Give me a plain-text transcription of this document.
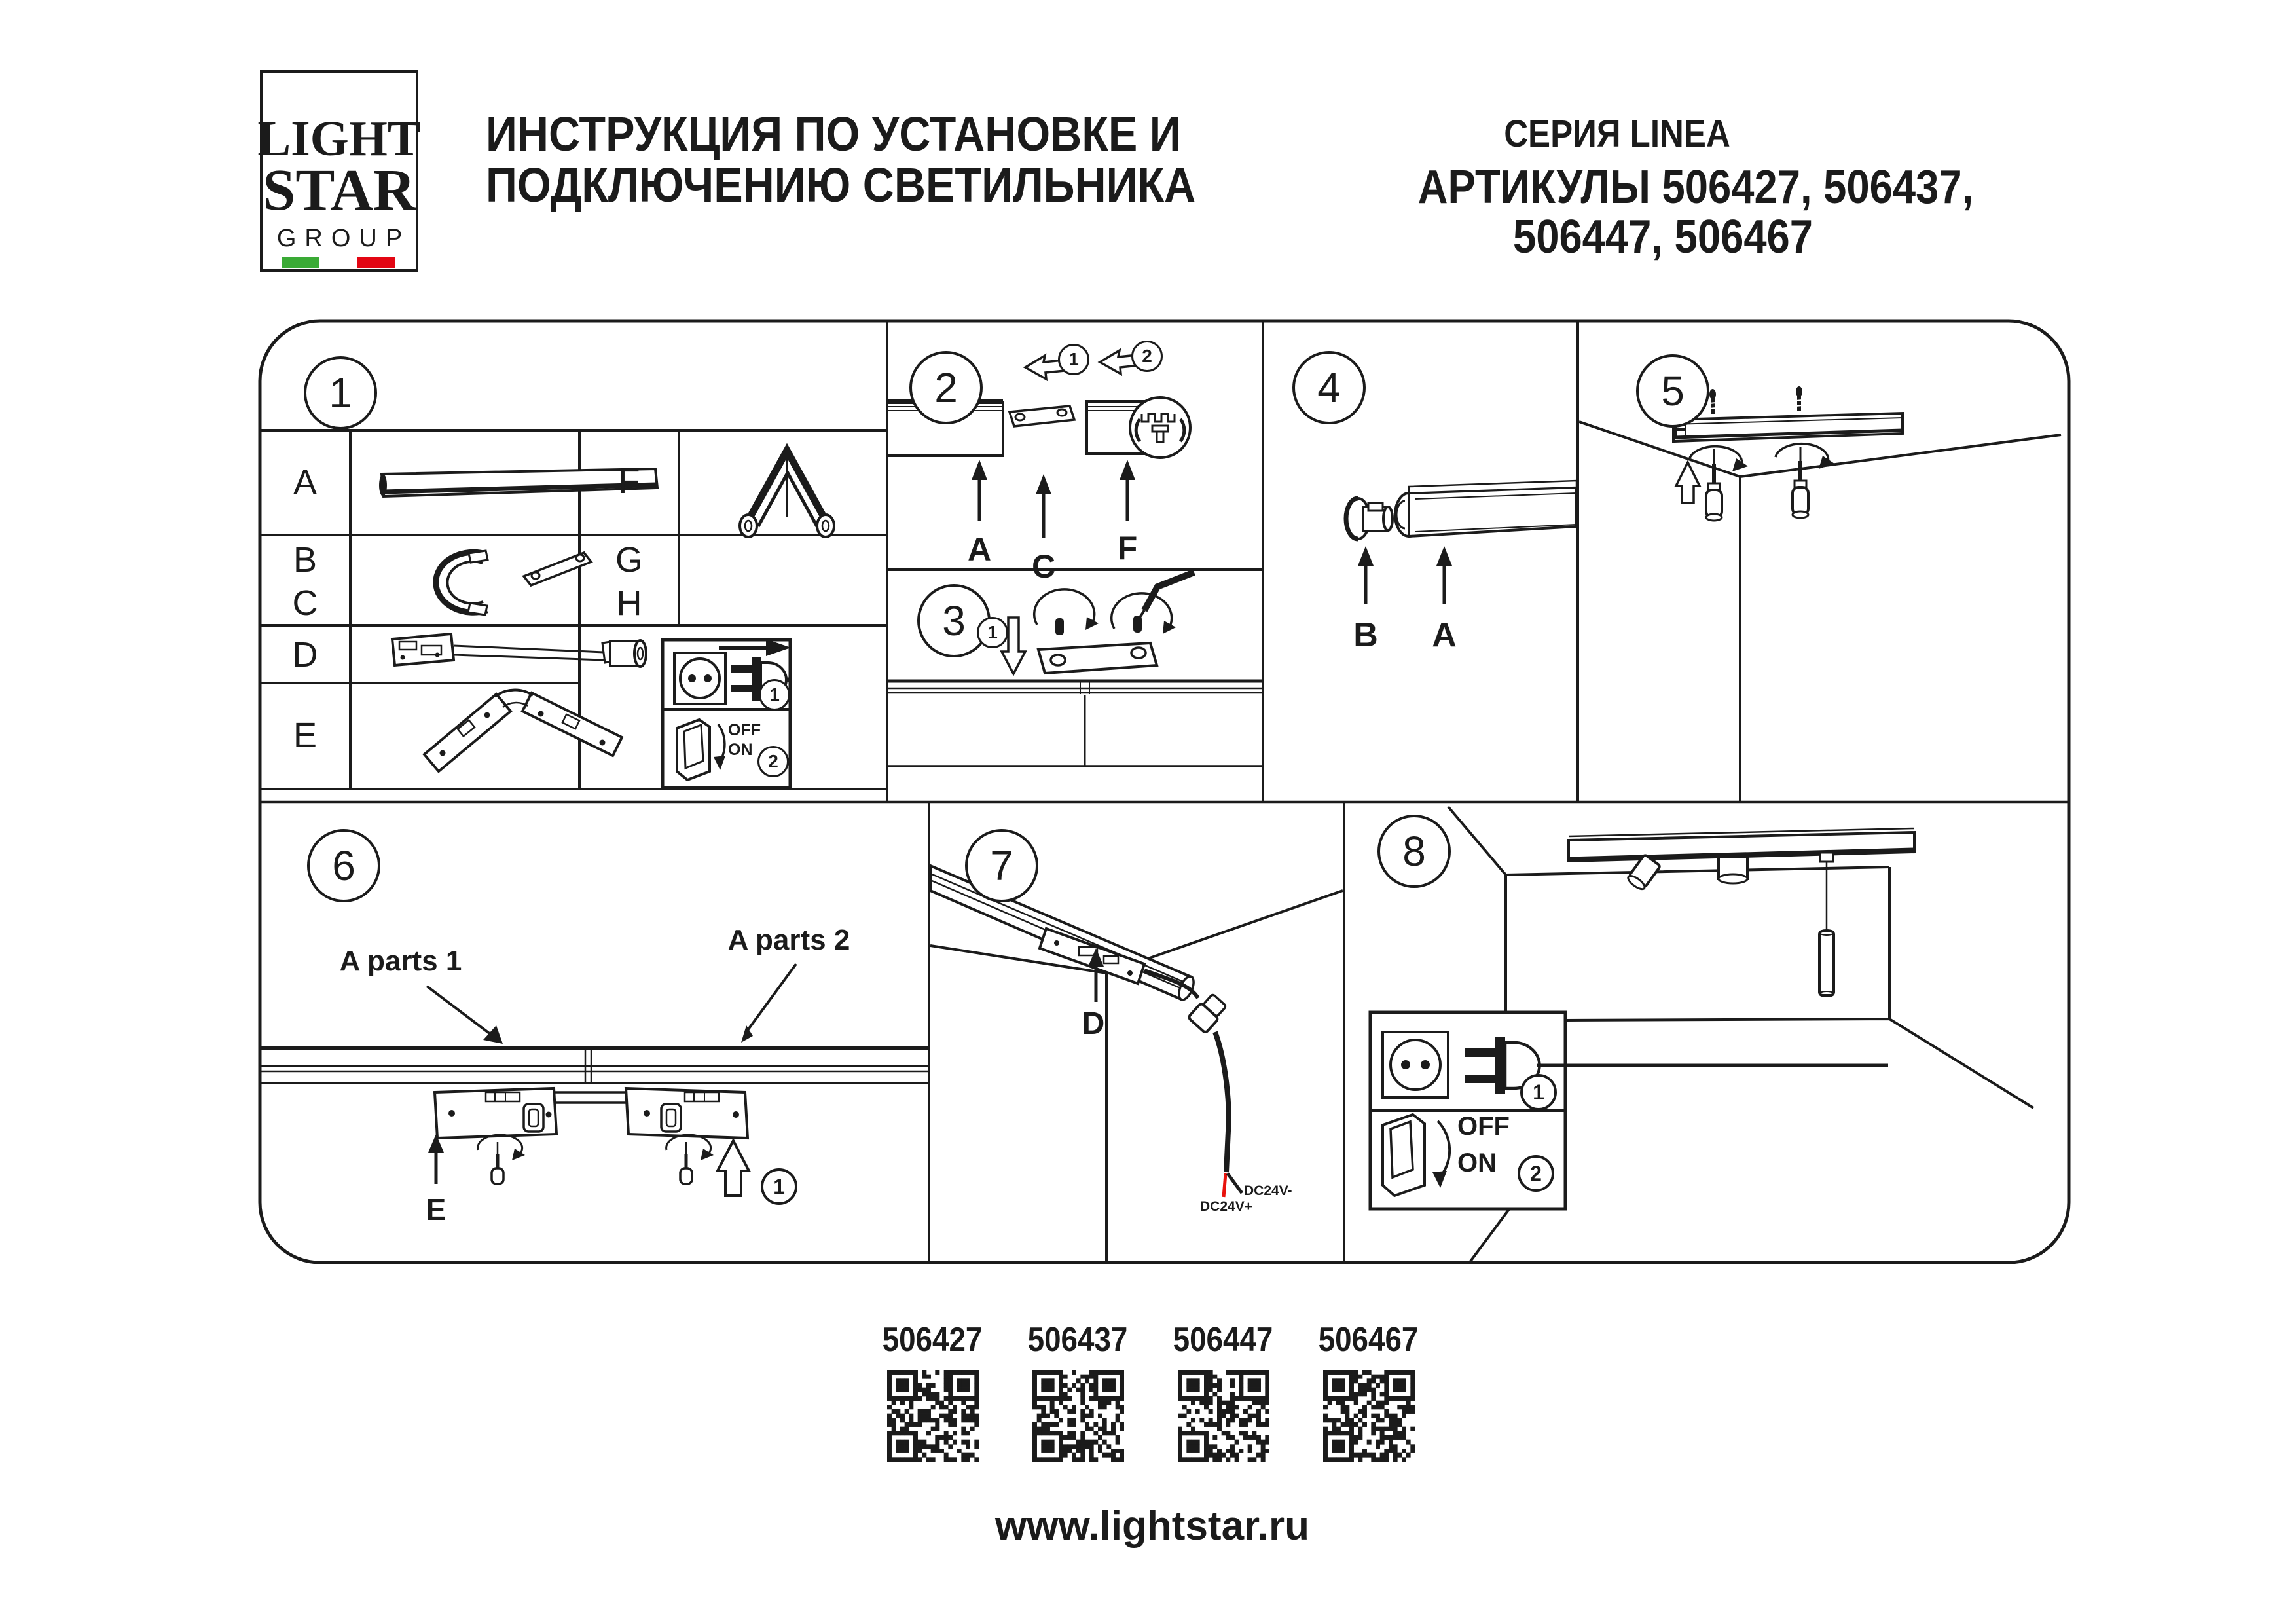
LIGHT
STAR
GROUP
ИНСТРУКЦИЯ ПО УСТАНОВКЕ И
ПОДКЛЮЧЕНИЮ СВЕТИЛЬНИКА
СЕРИЯ LINEA
АРТИКУЛЫ 506427, 506437,
506447, 506467
1	2
3
4	5
6	7	8
A
B
C
D
E
F
G
H
OFF
ON
1
2
1	2
A C F
1	B A
A parts 1
A parts 2
E
1
D
DC24V-
DC24V+
OFF
ON
1
2
506427 506437 506447 506467
www.lightstar.ru
